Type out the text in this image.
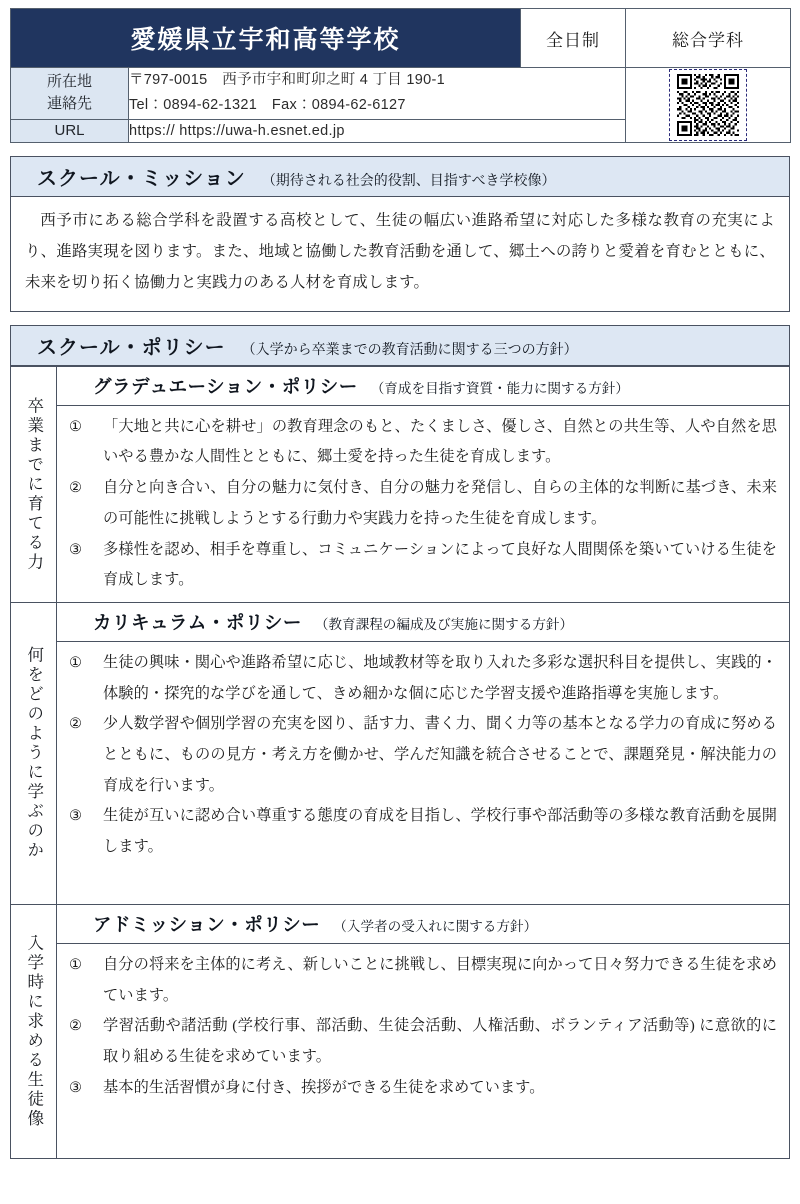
愛媛県立宇和高等学校		全日制	総合学科

所在地
連絡先

〒797-0015　西予市宇和町卯之町 4 丁目 190-1
Tel：0894-62-1321　Fax：0894-62-6127

URL	https:// https://uwa-h.esnet.ed.jp		
スクール・ミッション （期待される社会的役割、目指すべき学校像）

西予市にある総合学科を設置する高校として、生徒の幅広い進路希望に対応した多様な教育の充実により、進路実現を図ります。また、地域と協働した教育活動を通して、郷土への誇りと愛着を育むとともに、未来を切り拓く協働力と実践力のある人材を育成します。

スクール・ポリシー （入学から卒業までの教育活動に関する三つの方針）
卒業までに育てる力
グラデュエーション・ポリシー （育成を目指す資質・能力に関する方針）
①	「大地と共に心を耕せ」の教育理念のもと、たくましさ、優しさ、自然との共生等、人や自然を思いやる豊かな人間性とともに、郷土愛を持った生徒を育成します。
②	自分と向き合い、自分の魅力に気付き、自分の魅力を発信し、自らの主体的な判断に基づき、未来の可能性に挑戦しようとする行動力や実践力を持った生徒を育成します。
③	多様性を認め、相手を尊重し、コミュニケーションによって良好な人間関係を築いていける生徒を育成します。
何をどのように学ぶのか
カリキュラム・ポリシー （教育課程の編成及び実施に関する方針）
①	生徒の興味・関心や進路希望に応じ、地域教材等を取り入れた多彩な選択科目を提供し、実践的・体験的・探究的な学びを通して、きめ細かな個に応じた学習支援や進路指導を実施します。
②	少人数学習や個別学習の充実を図り、話す力、書く力、聞く力等の基本となる学力の育成に努めるとともに、ものの見方・考え方を働かせ、学んだ知識を統合させることで、課題発見・解決能力の育成を行います。
③	生徒が互いに認め合い尊重する態度の育成を目指し、学校行事や部活動等の多様な教育活動を展開します。
入学時に求める生徒像
アドミッション・ポリシー （入学者の受入れに関する方針）
①	自分の将来を主体的に考え、新しいことに挑戦し、目標実現に向かって日々努力できる生徒を求めています。
②	学習活動や諸活動 (学校行事、部活動、生徒会活動、人権活動、ボランティア活動等) に意欲的に取り組める生徒を求めています。
③	基本的生活習慣が身に付き、挨拶ができる生徒を求めています。
